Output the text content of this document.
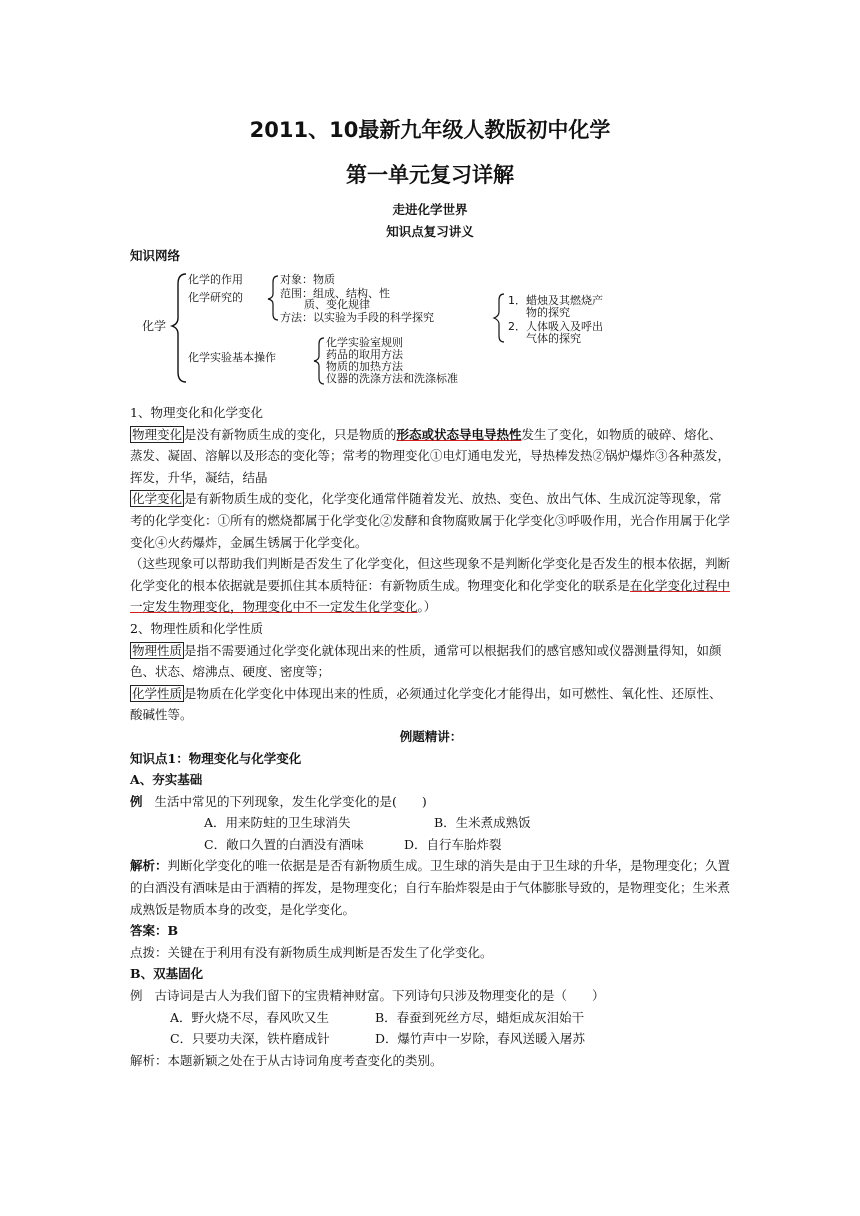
2011、10最新九年级人教版初中化学
第一单元复习详解
走进化学世界
知识点复习讲义
知识网络
化学
化学的作用
化学研究的
化学实验基本操作
对象：物质
范围：组成、结构、性
质、变化规律
方法：以实验为手段的科学探究
1．蜡烛及其燃烧产
物的探究
2．人体吸入及呼出
气体的探究
化学实验室规则
药品的取用方法
物质的加热方法
仪器的洗涤方法和洗涤标准

1、物理变化和化学变化

物理变化 是没有新物质生成的变化，只是物质的形态或状态导电导热性发生了变化，如物质的破碎、熔化、蒸发、凝固、溶解以及形态的变化等；常考的物理变化①电灯通电发光，导热棒发热②锅炉爆炸③各种蒸发，挥发，升华，凝结，结晶

化学变化 是有新物质生成的变化，化学变化通常伴随着发光、放热、变色、放出气体、生成沉淀等现象，常考的化学变化：①所有的燃烧都属于化学变化②发酵和食物腐败属于化学变化③呼吸作用，光合作用属于化学变化④火药爆炸，金属生锈属于化学变化。

（这些现象可以帮助我们判断是否发生了化学变化，但这些现象不是判断化学变化是否发生的根本依据，判断化学变化的根本依据就是要抓住其本质特征：有新物质生成。物理变化和化学变化的联系是在化学变化过程中一定发生物理变化，物理变化中不一定发生化学变化。）

2、物理性质和化学性质

物理性质 是指不需要通过化学变化就体现出来的性质，通常可以根据我们的感官感知或仪器测量得知，如颜色、状态、熔沸点、硬度、密度等；

化学性质 是物质在化学变化中体现出来的性质，必须通过化学变化才能得出，如可燃性、氧化性、还原性、酸碱性等。

例题精讲：

知识点1：物理变化与化学变化

A、夯实基础

例 生活中常见的下列现象，发生化学变化的是(　　)

A．用来防蛀的卫生球消失	B．生米煮成熟饭

C．敞口久置的白酒没有酒味	D．自行车胎炸裂

解析：判断化学变化的唯一依据是是否有新物质生成。卫生球的消失是由于卫生球的升华，是物理变化；久置的白酒没有酒味是由于酒精的挥发，是物理变化；自行车胎炸裂是由于气体膨胀导致的，是物理变化；生米煮成熟饭是物质本身的改变，是化学变化。

答案：B

点拨：关键在于利用有没有新物质生成判断是否发生了化学变化。

B、双基固化

例 古诗词是古人为我们留下的宝贵精神财富。下列诗句只涉及物理变化的是（　　）

A．野火烧不尽，春风吹又生	B．春蚕到死丝方尽，蜡炬成灰泪始干

C．只要功夫深，铁杵磨成针	D．爆竹声中一岁除，春风送暖入屠苏

解析：本题新颖之处在于从古诗词角度考查变化的类别。
